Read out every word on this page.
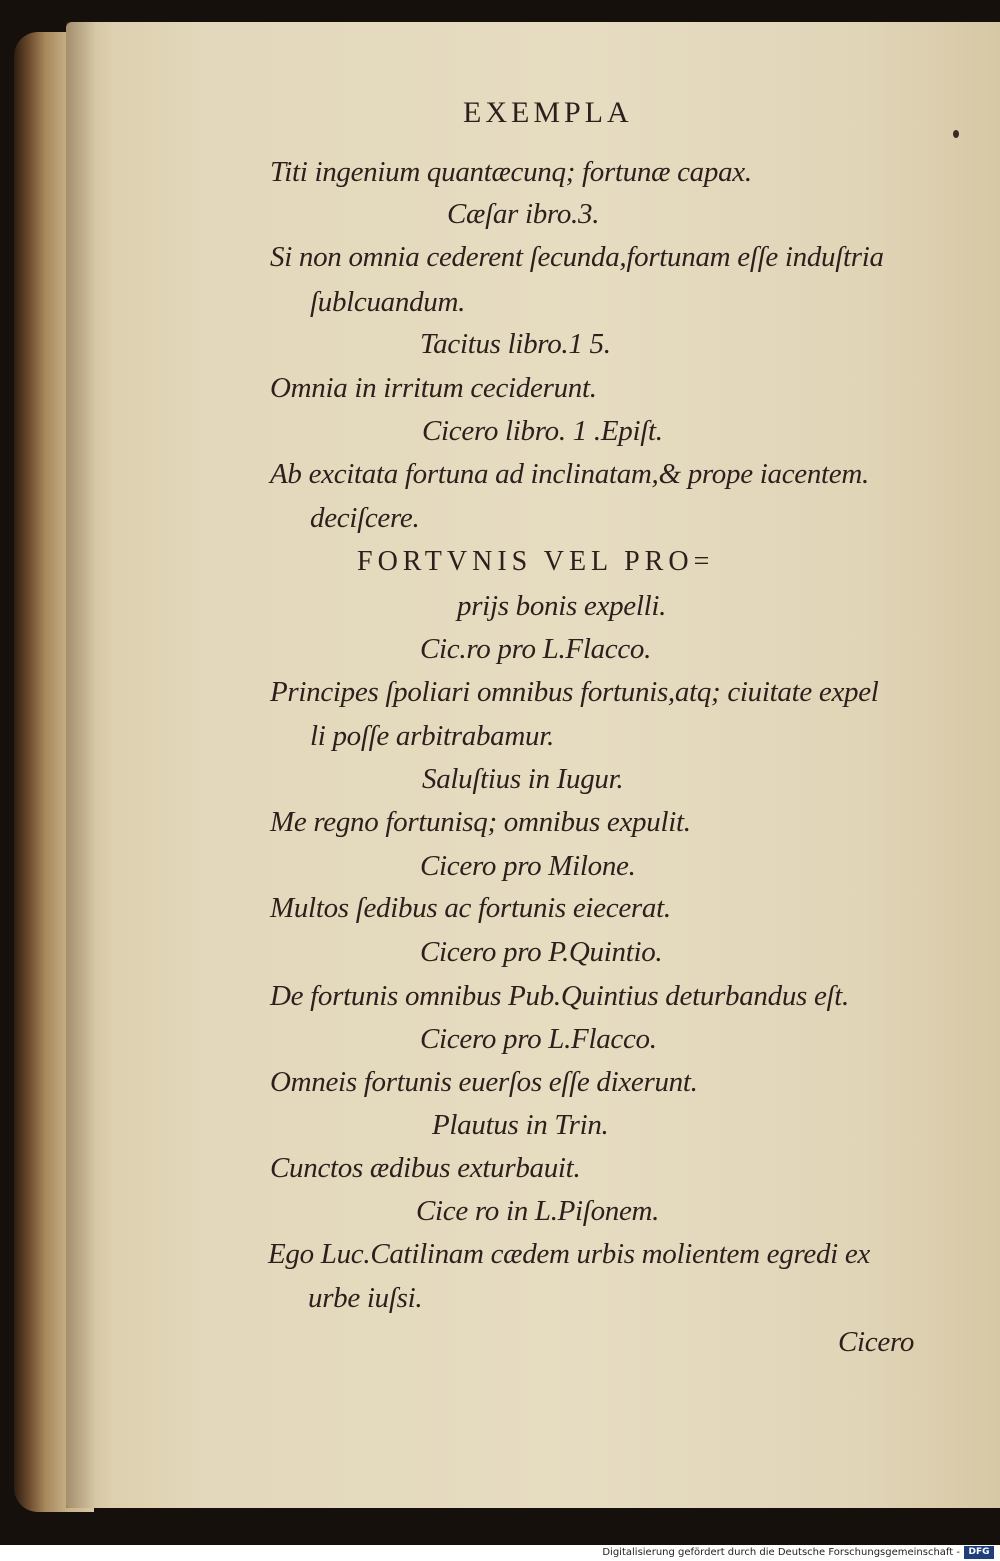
EXEMPLA
Titi ingenium quantæcunq; fortunæ capax.
Cæſar ibro.3.
Si non omnia cederent ſecunda,fortunam eſſe induſtria
ſublcuandum.
Tacitus libro.1 5.
Omnia in irritum ceciderunt.
Cicero libro. 1 .Epiſt.
Ab excitata fortuna ad inclinatam,& prope iacentem.
deciſcere.
FORTVNIS VEL PRO=
prijs bonis expelli.
Cic.ro pro L.Flacco.
Principes ſpoliari omnibus fortunis,atq; ciuitate expel
li poſſe arbitrabamur.
Saluſtius in Iugur.
Me regno fortunisq; omnibus expulit.
Cicero pro Milone.
Multos ſedibus ac fortunis eiecerat.
Cicero pro P.Quintio.
De fortunis omnibus Pub.Quintius deturbandus eſt.
Cicero pro L.Flacco.
Omneis fortunis euerſos eſſe dixerunt.
Plautus in Trin.
Cunctos ædibus exturbauit.
Cice ro in L.Piſonem.
Ego Luc.Catilinam cædem urbis molientem egredi ex
urbe iuſsi.
Cicero
Digitalisierung gefördert durch die Deutsche Forschungsgemeinschaft - DFG
